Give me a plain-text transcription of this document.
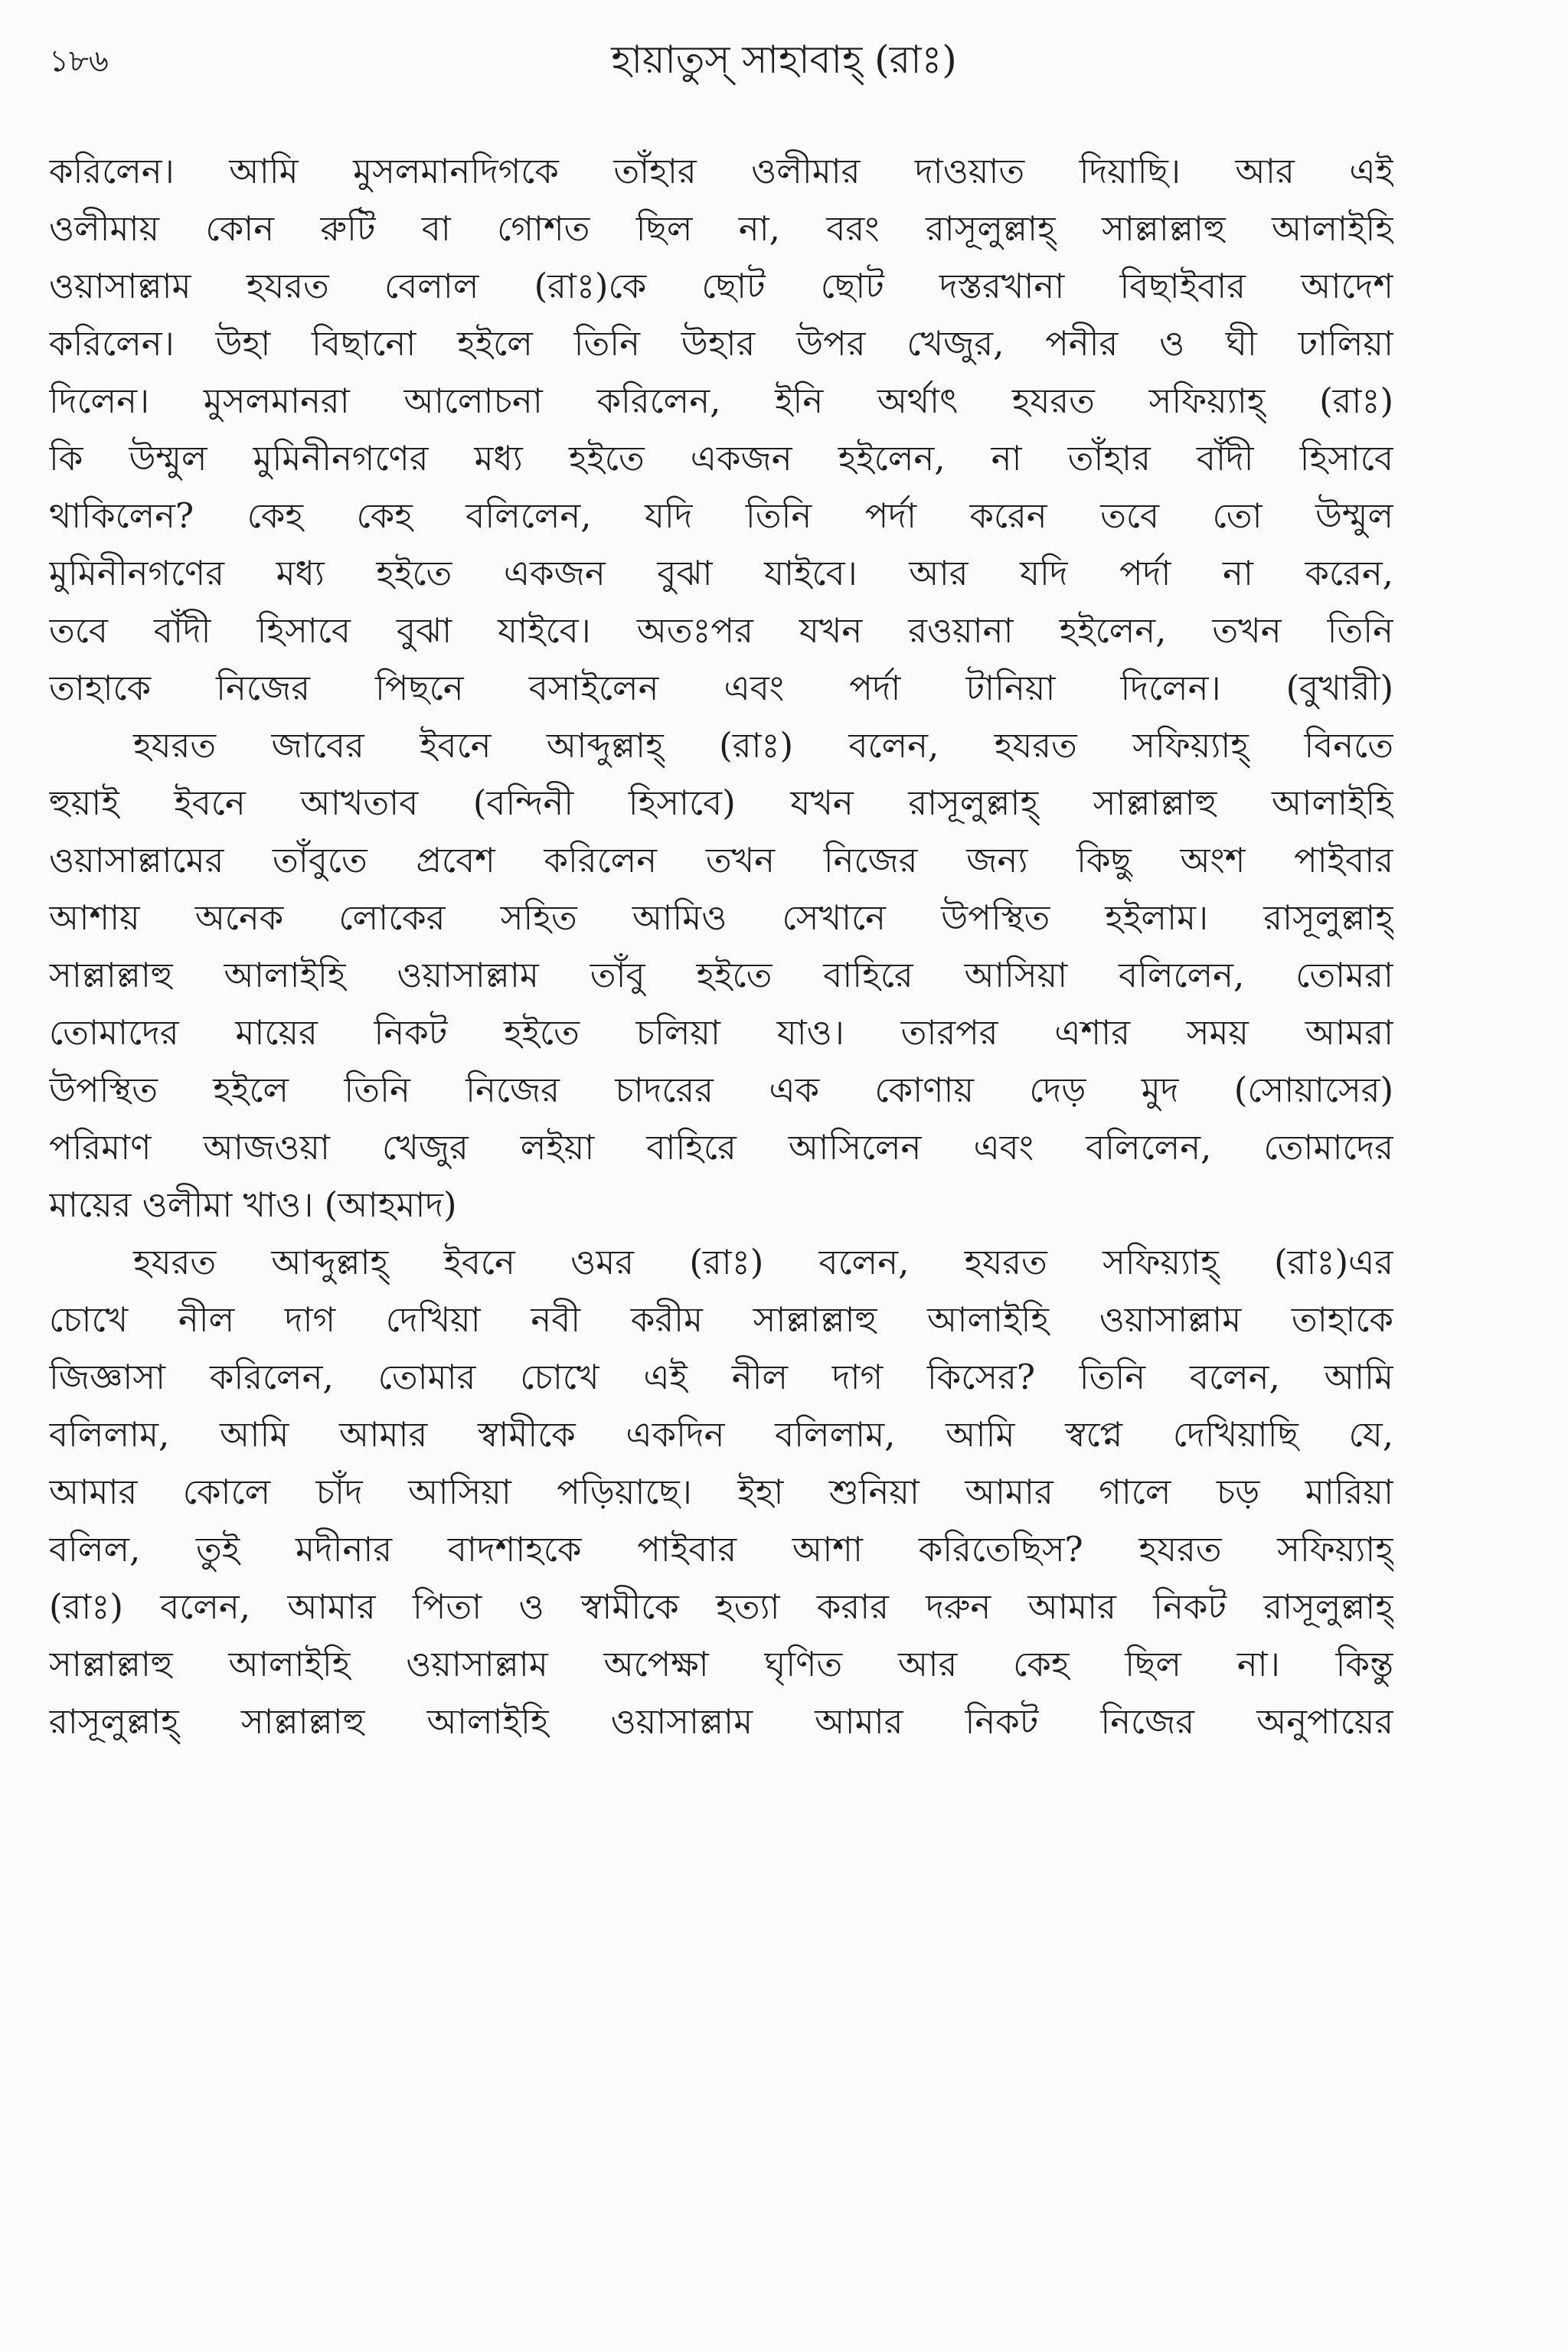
১৮৬	হায়াতুস্ সাহাবাহ্ (রাঃ)
করিলেন। আমি মুসলমানদিগকে তাঁহার ওলীমার দাওয়াত দিয়াছি। আর এই
ওলীমায় কোন রুটি বা গোশত ছিল না, বরং রাসূলুল্লাহ্ সাল্লাল্লাহু আলাইহি
ওয়াসাল্লাম হযরত বেলাল (রাঃ)কে ছোট ছোট দস্তরখানা বিছাইবার আদেশ
করিলেন। উহা বিছানো হইলে তিনি উহার উপর খেজুর, পনীর ও ঘী ঢালিয়া
দিলেন। মুসলমানরা আলোচনা করিলেন, ইনি অর্থাৎ হযরত সফিয়্যাহ্ (রাঃ)
কি উম্মুল মুমিনীনগণের মধ্য হইতে একজন হইলেন, না তাঁহার বাঁদী হিসাবে
থাকিলেন? কেহ কেহ বলিলেন, যদি তিনি পর্দা করেন তবে তো উম্মুল
মুমিনীনগণের মধ্য হইতে একজন বুঝা যাইবে। আর যদি পর্দা না করেন,
তবে বাঁদী হিসাবে বুঝা যাইবে। অতঃপর যখন রওয়ানা হইলেন, তখন তিনি
তাহাকে নিজের পিছনে বসাইলেন এবং পর্দা টানিয়া দিলেন। (বুখারী)
হযরত জাবের ইবনে আব্দুল্লাহ্ (রাঃ) বলেন, হযরত সফিয়্যাহ্ বিনতে
হুয়াই ইবনে আখতাব (বন্দিনী হিসাবে) যখন রাসূলুল্লাহ্ সাল্লাল্লাহু আলাইহি
ওয়াসাল্লামের তাঁবুতে প্রবেশ করিলেন তখন নিজের জন্য কিছু অংশ পাইবার
আশায় অনেক লোকের সহিত আমিও সেখানে উপস্থিত হইলাম। রাসূলুল্লাহ্
সাল্লাল্লাহু আলাইহি ওয়াসাল্লাম তাঁবু হইতে বাহিরে আসিয়া বলিলেন, তোমরা
তোমাদের মায়ের নিকট হইতে চলিয়া যাও। তারপর এশার সময় আমরা
উপস্থিত হইলে তিনি নিজের চাদরের এক কোণায় দেড় মুদ (সোয়াসের)
পরিমাণ আজওয়া খেজুর লইয়া বাহিরে আসিলেন এবং বলিলেন, তোমাদের
মায়ের ওলীমা খাও। (আহমাদ)
হযরত আব্দুল্লাহ্ ইবনে ওমর (রাঃ) বলেন, হযরত সফিয়্যাহ্ (রাঃ)এর
চোখে নীল দাগ দেখিয়া নবী করীম সাল্লাল্লাহু আলাইহি ওয়াসাল্লাম তাহাকে
জিজ্ঞাসা করিলেন, তোমার চোখে এই নীল দাগ কিসের? তিনি বলেন, আমি
বলিলাম, আমি আমার স্বামীকে একদিন বলিলাম, আমি স্বপ্নে দেখিয়াছি যে,
আমার কোলে চাঁদ আসিয়া পড়িয়াছে। ইহা শুনিয়া আমার গালে চড় মারিয়া
বলিল, তুই মদীনার বাদশাহকে পাইবার আশা করিতেছিস? হযরত সফিয়্যাহ্
(রাঃ) বলেন, আমার পিতা ও স্বামীকে হত্যা করার দরুন আমার নিকট রাসূলুল্লাহ্
সাল্লাল্লাহু আলাইহি ওয়াসাল্লাম অপেক্ষা ঘৃণিত আর কেহ ছিল না। কিন্তু
রাসূলুল্লাহ্ সাল্লাল্লাহু আলাইহি ওয়াসাল্লাম আমার নিকট নিজের অনুপায়ের
